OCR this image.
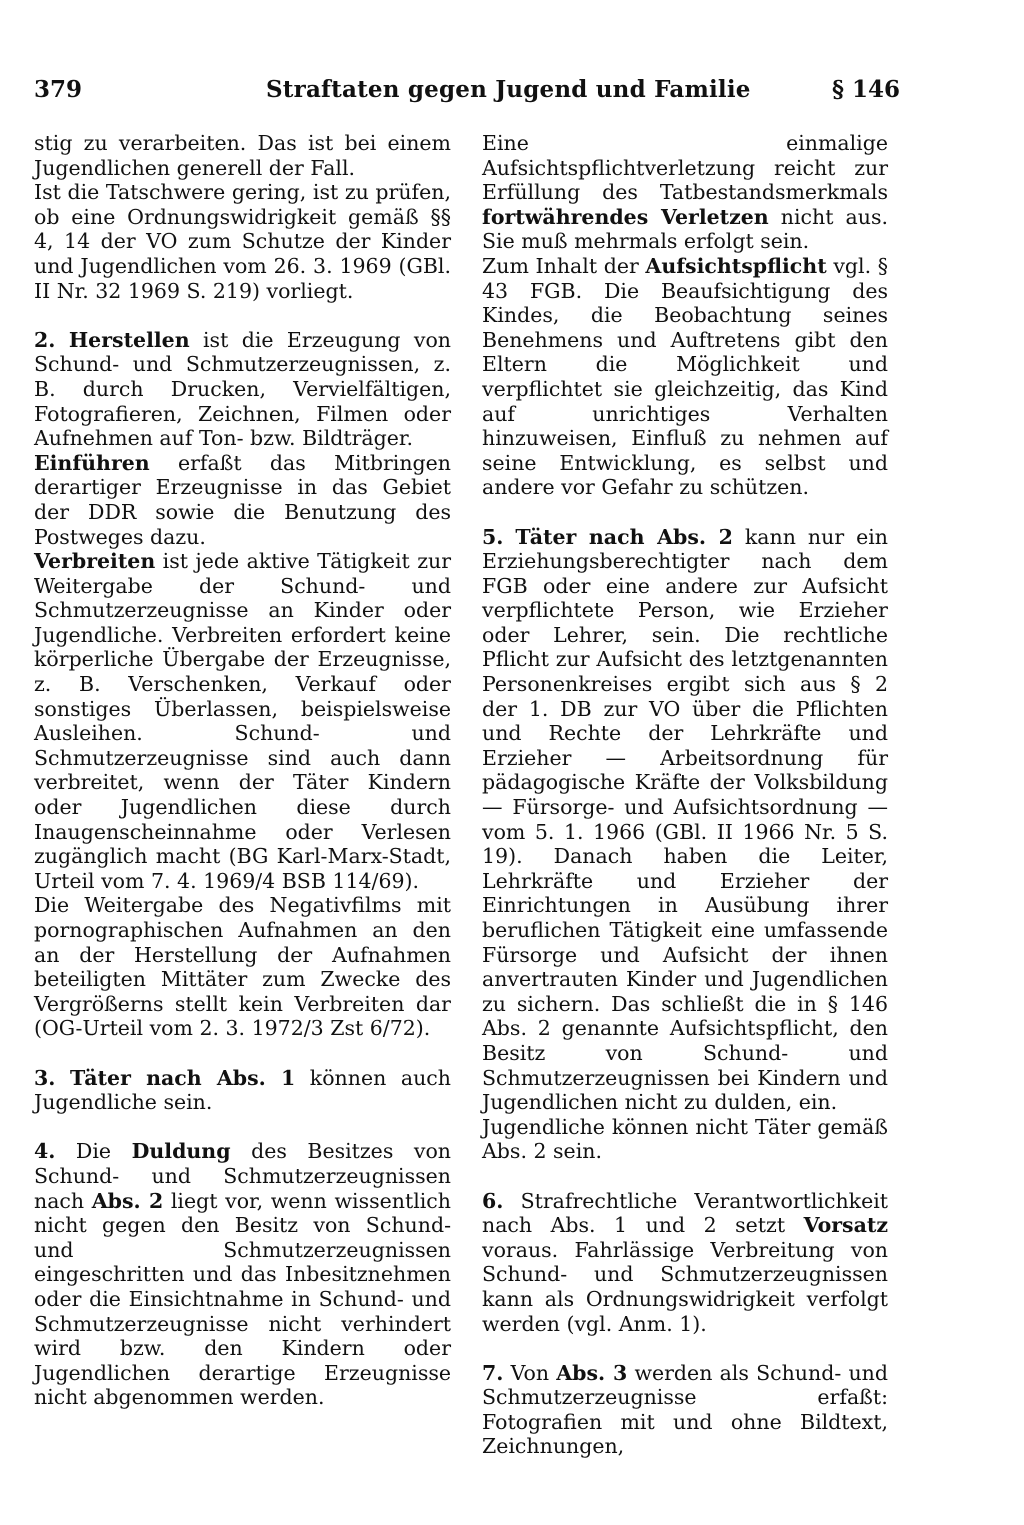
379	Straftaten gegen Jugend und Familie	§ 146

stig zu verarbeiten. Das ist bei einem Jugendlichen generell der Fall.

Ist die Tatschwere gering, ist zu prüfen, ob eine Ordnungswidrigkeit gemäß §§ 4, 14 der VO zum Schutze der Kinder und Jugendlichen vom 26. 3. 1969 (GBl. II Nr. 32 1969 S. 219) vorliegt.

2. Herstellen ist die Erzeugung von Schund- und Schmutzerzeugnissen, z. B. durch Drucken, Vervielfältigen, Fotografieren, Zeichnen, Filmen oder Aufnehmen auf Ton- bzw. Bildträger.

Einführen erfaßt das Mitbringen derartiger Erzeugnisse in das Gebiet der DDR sowie die Benutzung des Postweges dazu.

Verbreiten ist jede aktive Tätigkeit zur Weitergabe der Schund- und Schmutzerzeugnisse an Kinder oder Jugendliche. Verbreiten erfordert keine körperliche Übergabe der Erzeugnisse, z. B. Verschenken, Verkauf oder sonstiges Überlassen, beispielsweise Ausleihen. Schund- und Schmutzerzeugnisse sind auch dann verbreitet, wenn der Täter Kindern oder Jugendlichen diese durch Inaugenscheinnahme oder Verlesen zugänglich macht (BG Karl-Marx-Stadt, Urteil vom 7. 4. 1969/4 BSB 114/69).

Die Weitergabe des Negativfilms mit pornographischen Aufnahmen an den an der Herstellung der Aufnahmen beteiligten Mittäter zum Zwecke des Vergrößerns stellt kein Verbreiten dar (OG-Urteil vom 2. 3. 1972/3 Zst 6/72).

3. Täter nach Abs. 1 können auch Jugendliche sein.

4. Die Duldung des Besitzes von Schund- und Schmutzerzeugnissen nach Abs. 2 liegt vor, wenn wissentlich nicht gegen den Besitz von Schund- und Schmutzerzeugnissen eingeschritten und das Inbesitznehmen oder die Einsichtnahme in Schund- und Schmutzerzeugnisse nicht verhindert wird bzw. den Kindern oder Jugendlichen derartige Erzeugnisse nicht abgenommen werden.

Eine einmalige Aufsichtspflichtverletzung reicht zur Erfüllung des Tatbestandsmerkmals fortwährendes Verletzen nicht aus. Sie muß mehrmals erfolgt sein.

Zum Inhalt der Aufsichtspflicht vgl. § 43 FGB. Die Beaufsichtigung des Kindes, die Beobachtung seines Benehmens und Auftretens gibt den Eltern die Möglichkeit und verpflichtet sie gleichzeitig, das Kind auf unrichtiges Verhalten hinzuweisen, Einfluß zu nehmen auf seine Entwicklung, es selbst und andere vor Gefahr zu schützen.

5. Täter nach Abs. 2 kann nur ein Erziehungsberechtigter nach dem FGB oder eine andere zur Aufsicht verpflichtete Person, wie Erzieher oder Lehrer, sein. Die rechtliche Pflicht zur Aufsicht des letztgenannten Personenkreises ergibt sich aus § 2 der 1. DB zur VO über die Pflichten und Rechte der Lehrkräfte und Erzieher — Arbeitsordnung für pädagogische Kräfte der Volksbildung — Fürsorge- und Aufsichtsordnung — vom 5. 1. 1966 (GBl. II 1966 Nr. 5 S. 19). Danach haben die Leiter, Lehrkräfte und Erzieher der Einrichtungen in Ausübung ihrer beruflichen Tätigkeit eine umfassende Fürsorge und Aufsicht der ihnen anvertrauten Kinder und Jugendlichen zu sichern. Das schließt die in § 146 Abs. 2 genannte Aufsichtspflicht, den Besitz von Schund- und Schmutzerzeugnissen bei Kindern und Jugendlichen nicht zu dulden, ein.

Jugendliche können nicht Täter gemäß Abs. 2 sein.

6. Strafrechtliche Verantwortlichkeit nach Abs. 1 und 2 setzt Vorsatz voraus. Fahrlässige Verbreitung von Schund- und Schmutzerzeugnissen kann als Ordnungswidrigkeit verfolgt werden (vgl. Anm. 1).

7. Von Abs. 3 werden als Schund- und Schmutzerzeugnisse erfaßt: Fotografien mit und ohne Bildtext, Zeichnungen,
